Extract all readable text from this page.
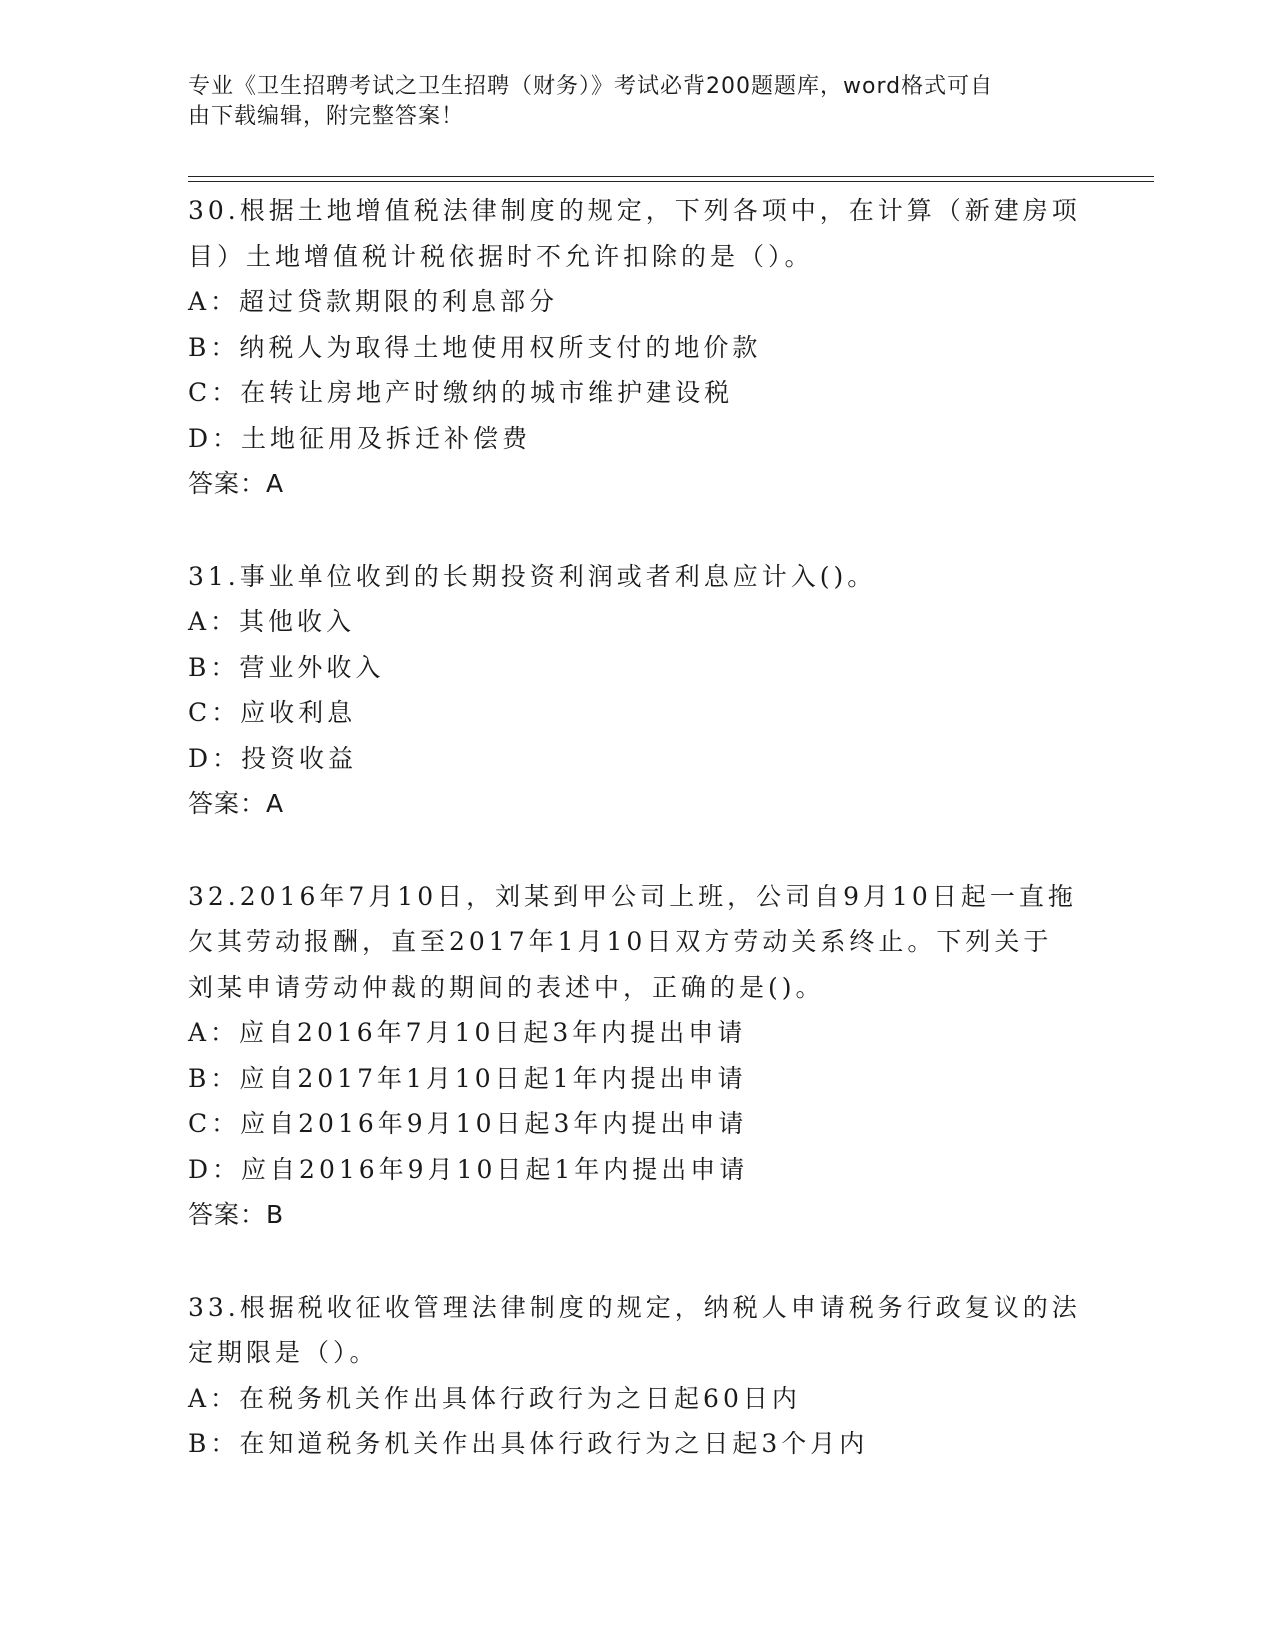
专业《卫生招聘考试之卫生招聘（财务）》考试必背200题题库，word格式可自
由下载编辑，附完整答案！
30.根据土地增值税法律制度的规定，下列各项中，在计算（新建房项
目）土地增值税计税依据时不允许扣除的是（）。
A：超过贷款期限的利息部分
B：纳税人为取得土地使用权所支付的地价款
C：在转让房地产时缴纳的城市维护建设税
D：土地征用及拆迁补偿费
答案：A
31.事业单位收到的长期投资利润或者利息应计入()。
A：其他收入
B：营业外收入
C：应收利息
D：投资收益
答案：A
32.2016年7月10日，刘某到甲公司上班，公司自9月10日起一直拖
欠其劳动报酬，直至2017年1月10日双方劳动关系终止。下列关于
刘某申请劳动仲裁的期间的表述中，正确的是()。
A：应自2016年7月10日起3年内提出申请
B：应自2017年1月10日起1年内提出申请
C：应自2016年9月10日起3年内提出申请
D：应自2016年9月10日起1年内提出申请
答案：B
33.根据税收征收管理法律制度的规定，纳税人申请税务行政复议的法
定期限是（）。
A：在税务机关作出具体行政行为之日起60日内
B：在知道税务机关作出具体行政行为之日起3个月内
